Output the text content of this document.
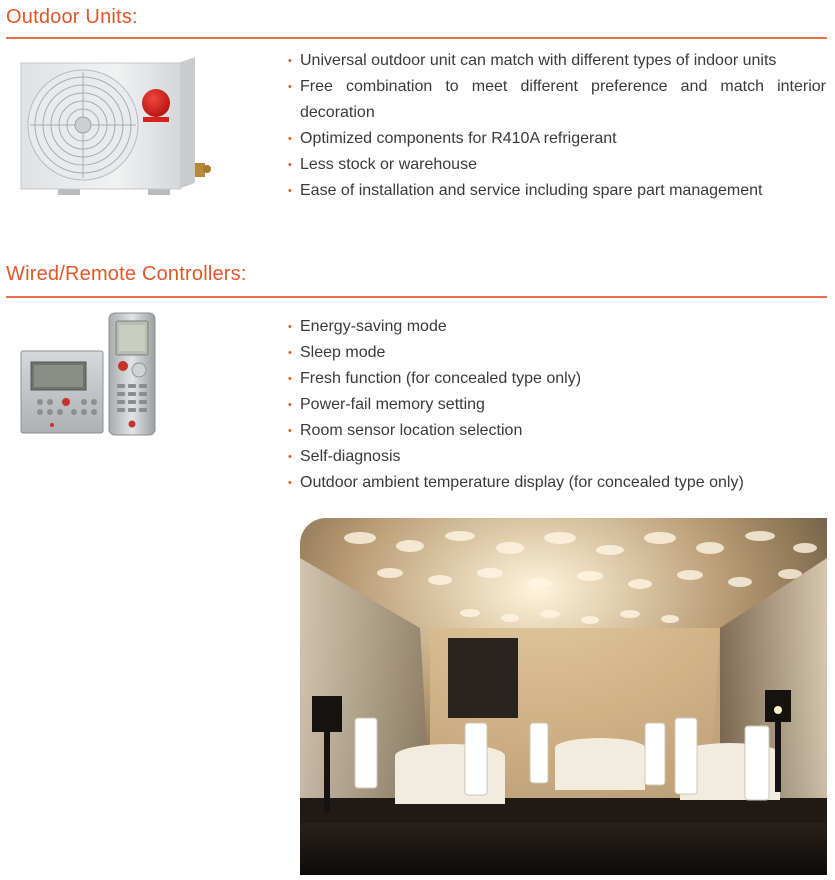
Outdoor Units:
• Universal outdoor unit can match with different types of indoor units
• Free combination to meet different preference and match interior decoration
• Optimized components for R410A refrigerant
• Less stock or warehouse
• Ease of installation and service including spare part management
Wired/Remote Controllers:
• Energy-saving mode
• Sleep mode
• Fresh function (for concealed type only)
• Power-fail memory setting
• Room sensor location selection
• Self-diagnosis
• Outdoor ambient temperature display (for concealed type only)
